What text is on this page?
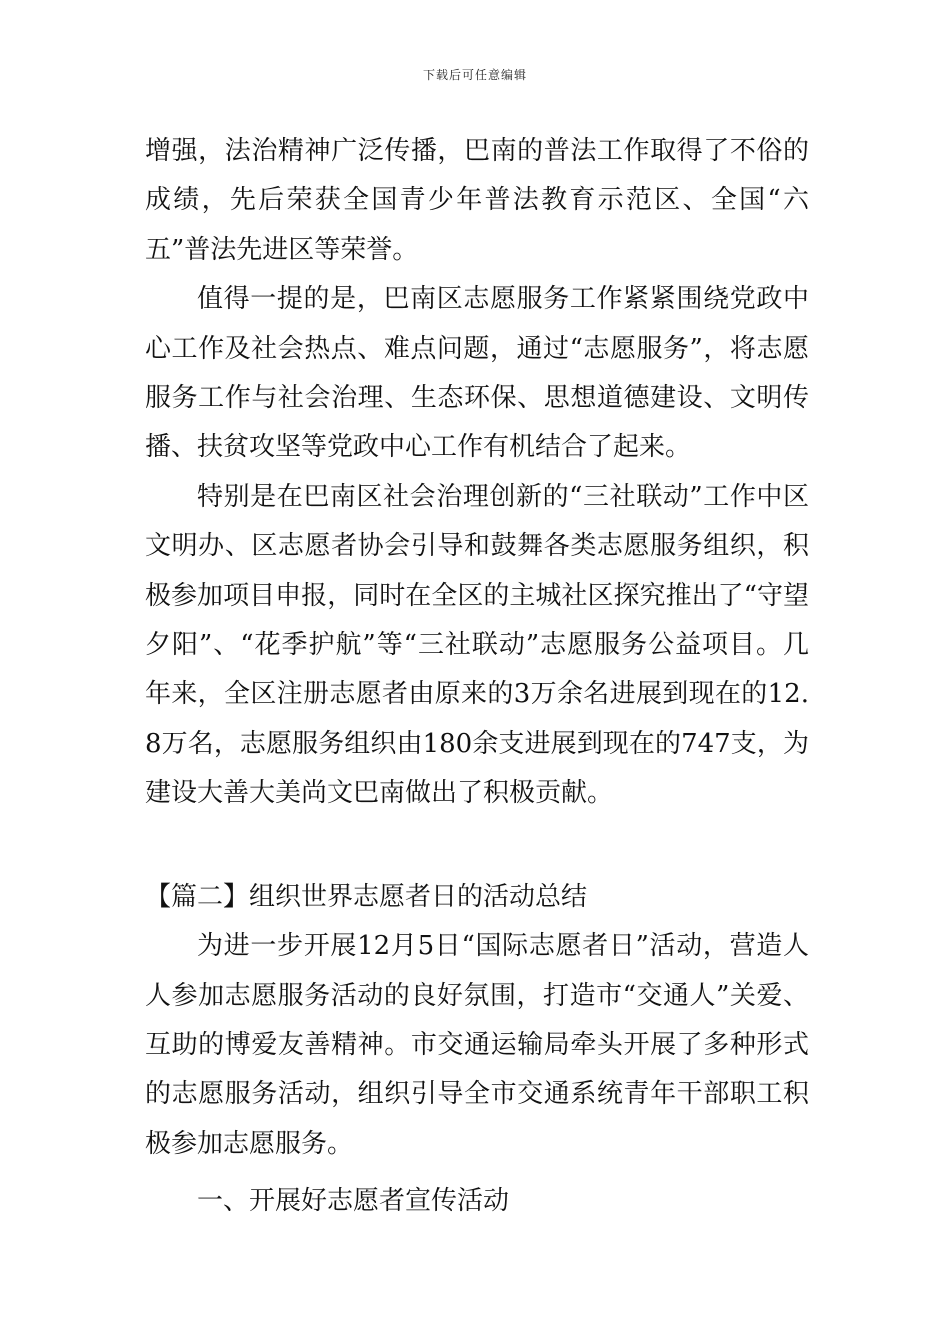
下载后可任意编辑

增强，法治精神广泛传播，巴南的普法工作取得了不俗的成绩，先后荣获全国青少年普法教育示范区、全国“六五”普法先进区等荣誉。

值得一提的是，巴南区志愿服务工作紧紧围绕党政中心工作及社会热点、难点问题，通过“志愿服务”，将志愿服务工作与社会治理、生态环保、思想道德建设、文明传播、扶贫攻坚等党政中心工作有机结合了起来。

特别是在巴南区社会治理创新的“三社联动”工作中区文明办、区志愿者协会引导和鼓舞各类志愿服务组织，积极参加项目申报，同时在全区的主城社区探究推出了“守望夕阳”、“花季护航”等“三社联动”志愿服务公益项目。几年来，全区注册志愿者由原来的3万余名进展到现在的12.8万名，志愿服务组织由180余支进展到现在的747支，为建设大善大美尚文巴南做出了积极贡献。

【篇二】组织世界志愿者日的活动总结

为进一步开展12月5日“国际志愿者日”活动，营造人人参加志愿服务活动的良好氛围，打造市“交通人”关爱、互助的博爱友善精神。市交通运输局牵头开展了多种形式的志愿服务活动，组织引导全市交通系统青年干部职工积极参加志愿服务。

一、开展好志愿者宣传活动
